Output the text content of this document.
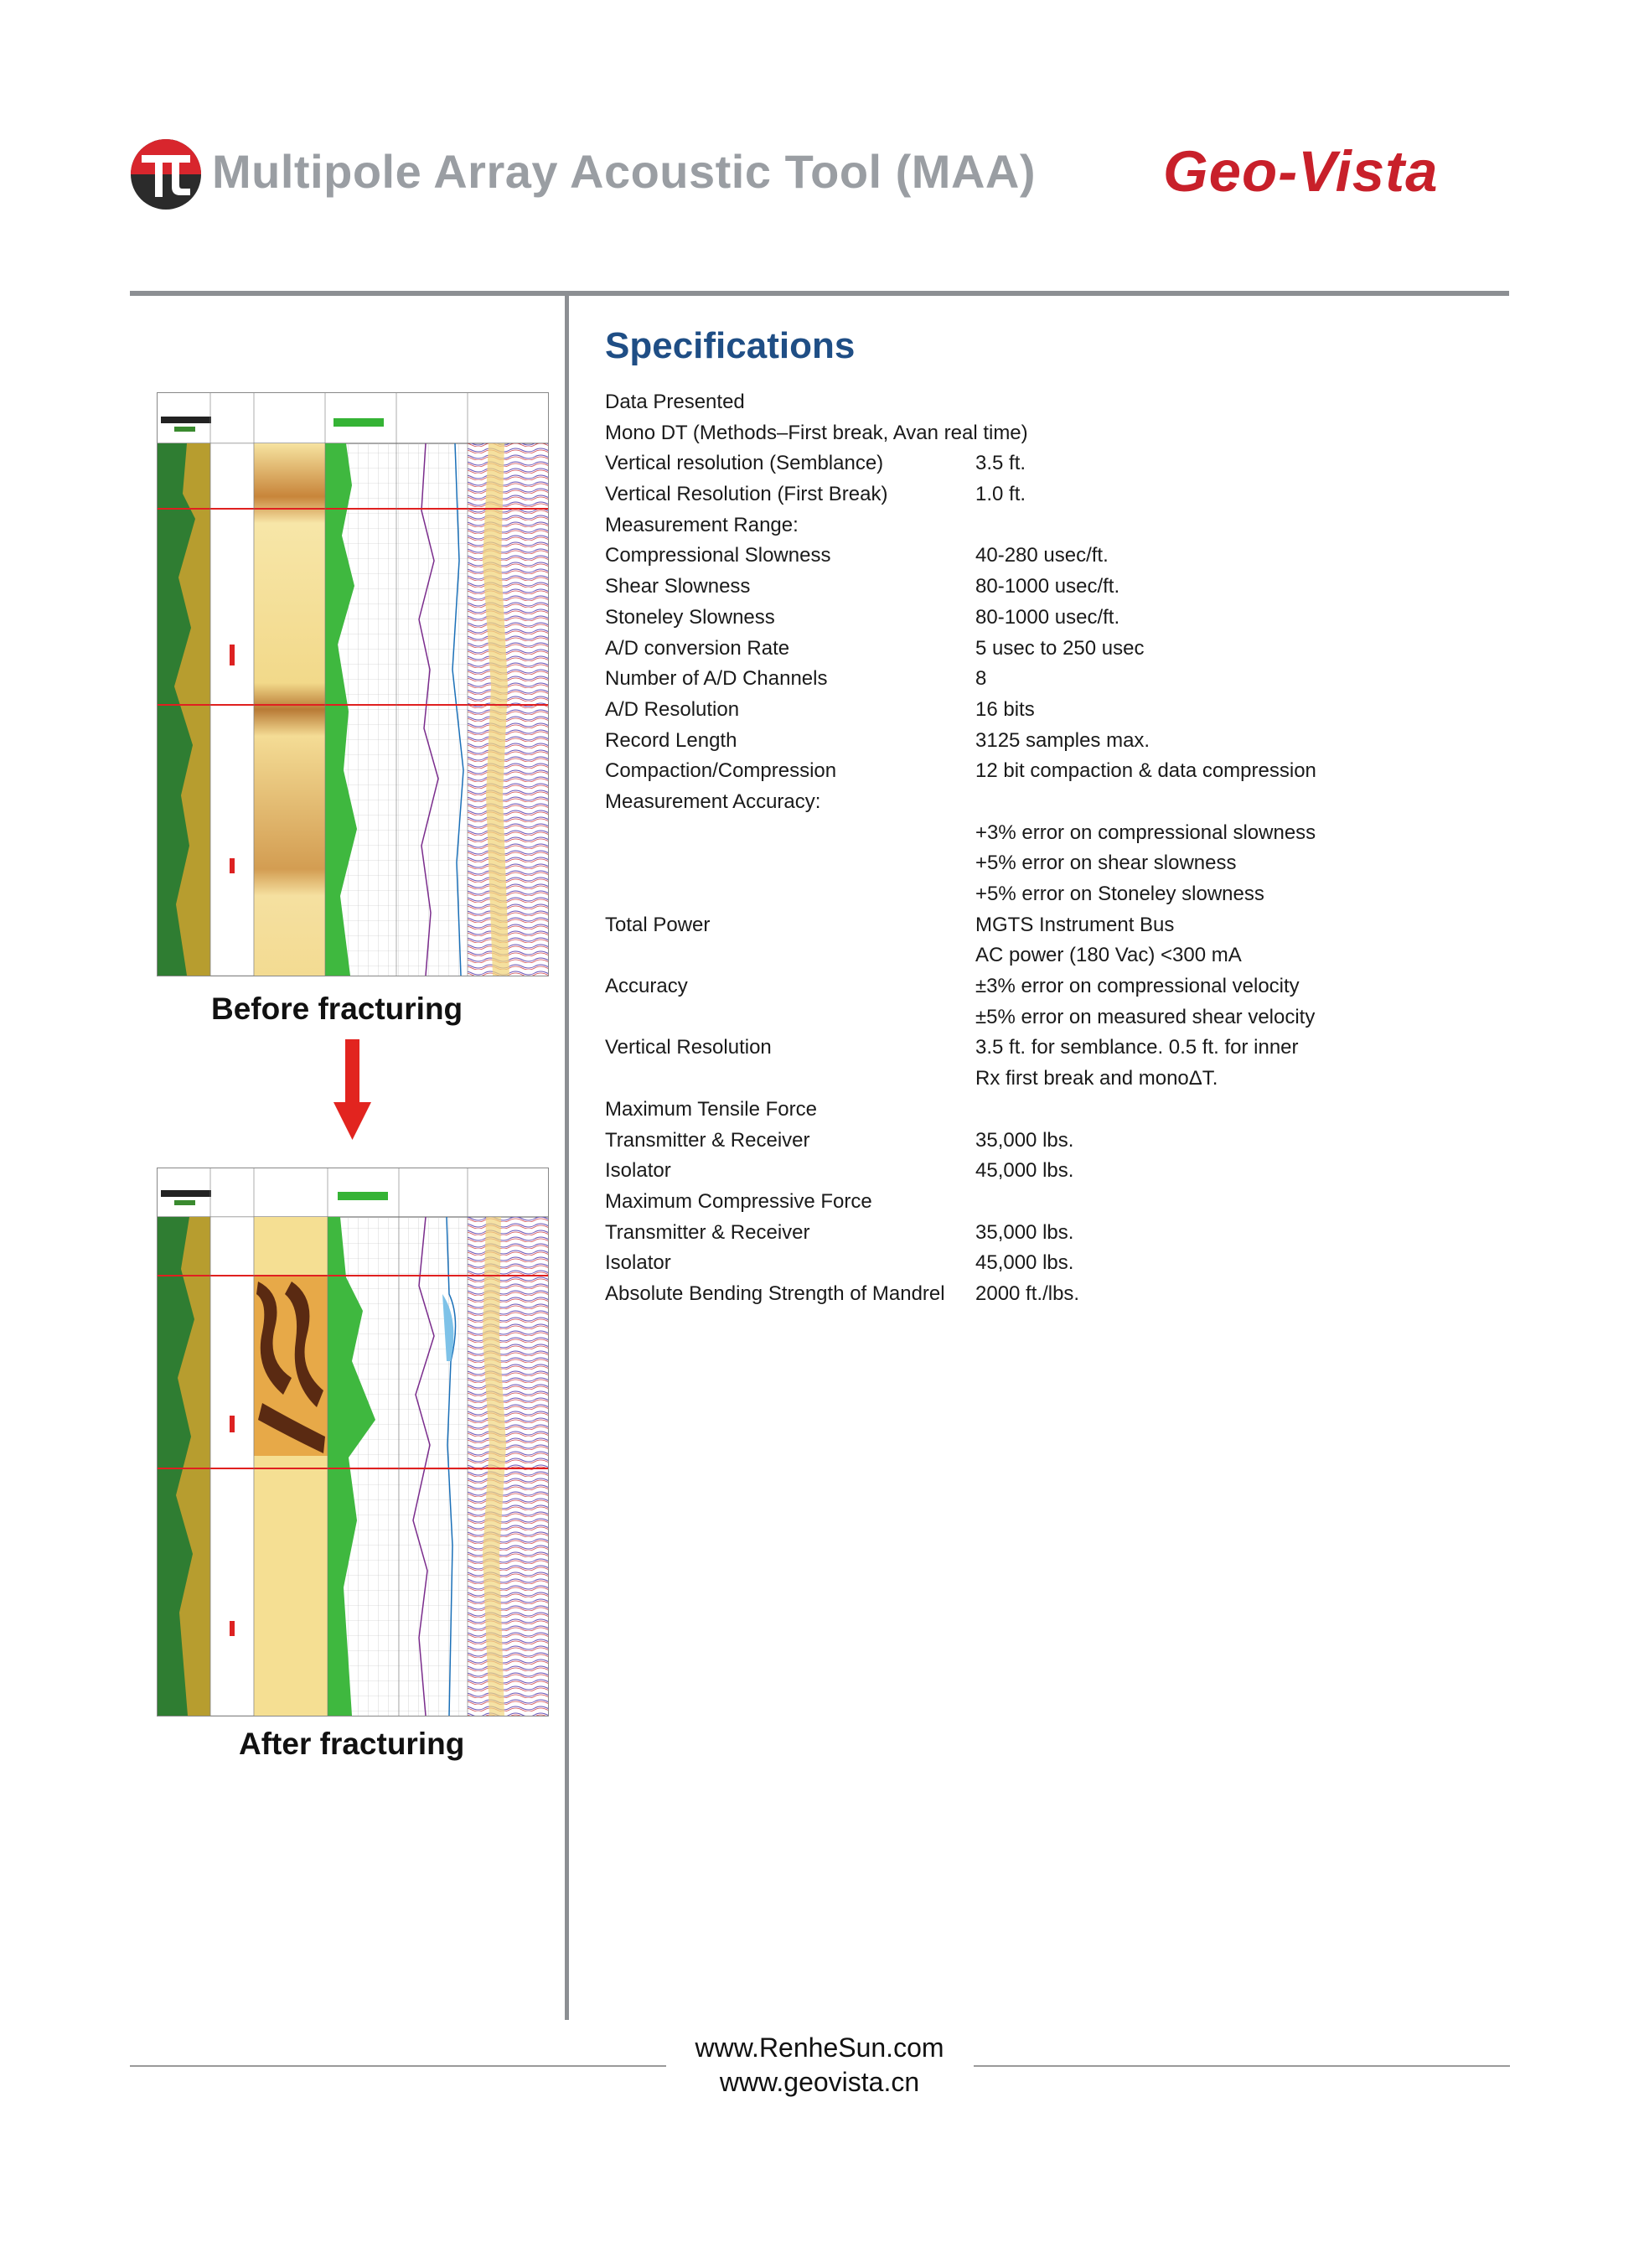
Multipole Array Acoustic Tool (MAA) Geo-Vista
Before fracturing
After fracturing
Specifications
Data Presented
Mono DT (Methods–First break, Avan real time)
Vertical resolution (Semblance)	3.5 ft.
Vertical Resolution (First Break)	1.0 ft.
Measurement Range:
Compressional Slowness	40-280 usec/ft.
Shear Slowness	80-1000 usec/ft.
Stoneley Slowness	80-1000 usec/ft.
A/D conversion Rate	5 usec to 250 usec
Number of A/D Channels	8
A/D Resolution	16 bits
Record Length	3125 samples max.
Compaction/Compression	12 bit compaction & data compression
Measurement Accuracy:
+3% error on compressional slowness
+5% error on shear slowness
+5% error on Stoneley slowness
Total Power	MGTS Instrument Bus
AC power (180 Vac) <300 mA
Accuracy	±3% error on compressional velocity
±5% error on measured shear velocity
Vertical Resolution	3.5 ft. for semblance. 0.5 ft. for inner
Rx first break and monoΔT.
Maximum Tensile Force
Transmitter & Receiver	35,000 lbs.
Isolator	45,000 lbs.
Maximum Compressive Force
Transmitter & Receiver	35,000 lbs.
Isolator	45,000 lbs.
Absolute Bending Strength of Mandrel 2000 ft./lbs.
www.RenheSun.com
www.geovista.cn
